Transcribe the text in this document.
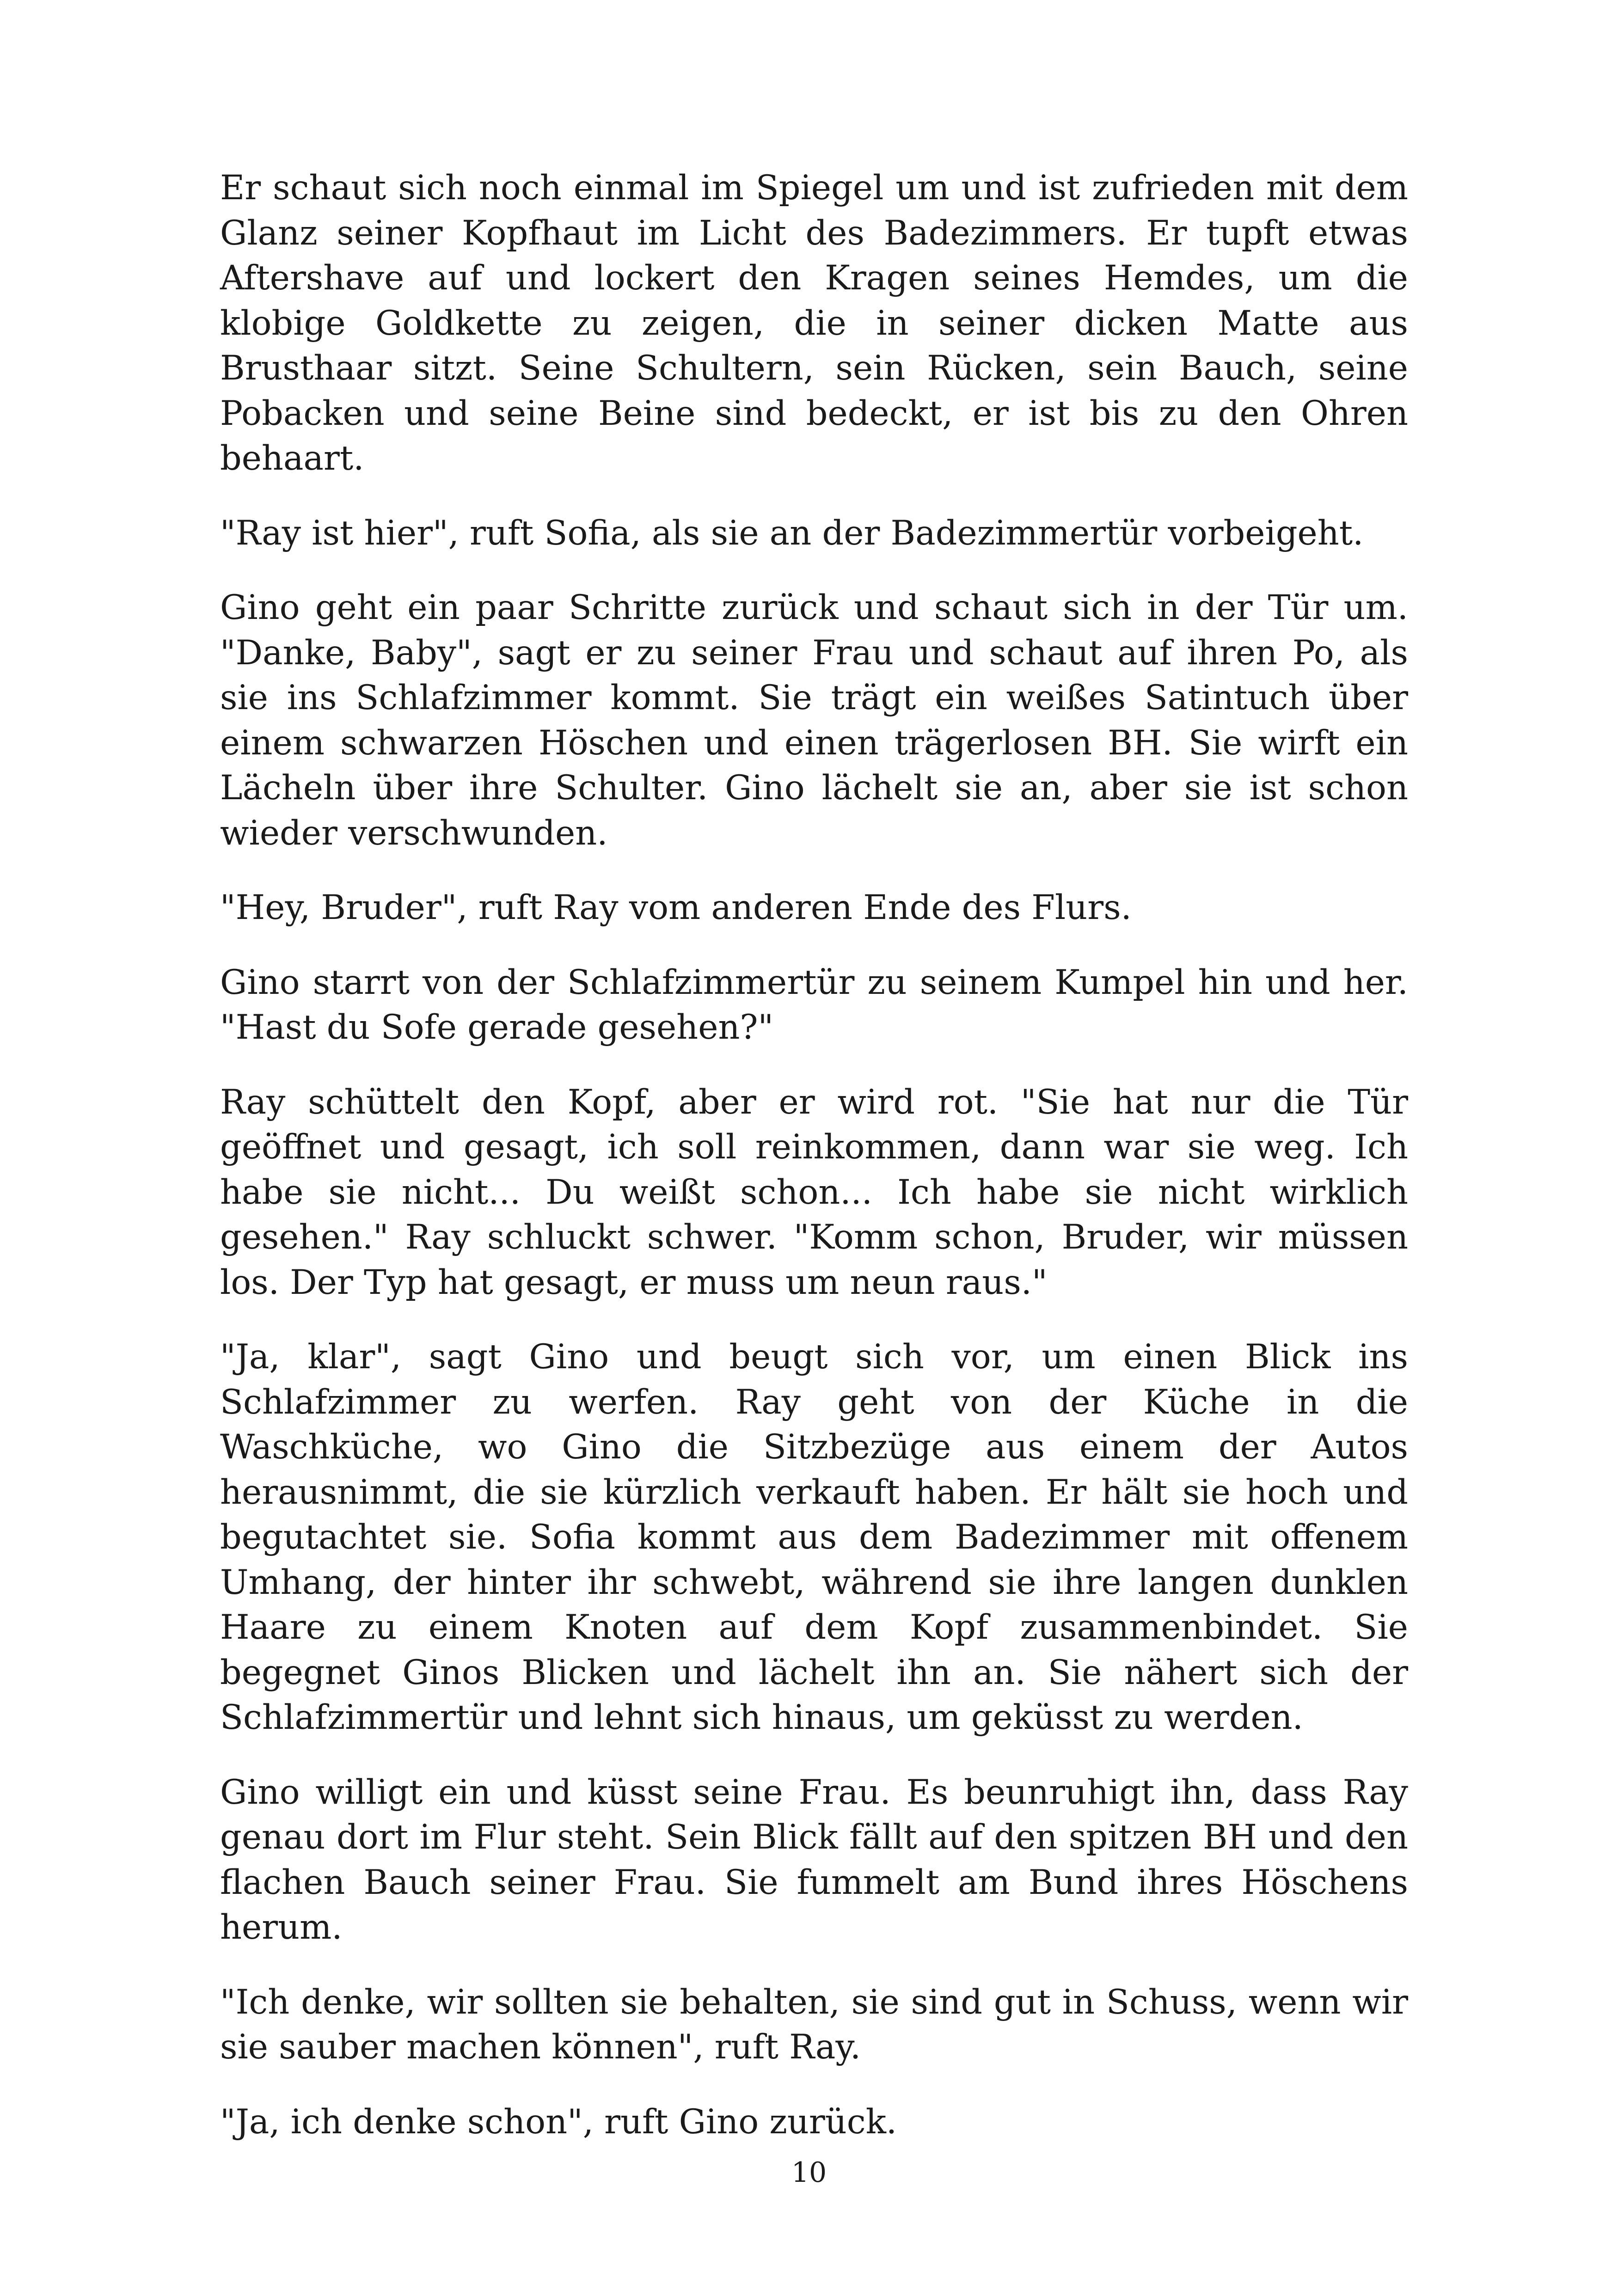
Er schaut sich noch einmal im Spiegel um und ist zufrieden mit dem Glanz seiner Kopfhaut im Licht des Badezimmers. Er tupft etwas Aftershave auf und lockert den Kragen seines Hemdes, um die klobige Goldkette zu zeigen, die in seiner dicken Matte aus Brusthaar sitzt. Seine Schultern, sein Rücken, sein Bauch, seine Pobacken und seine Beine sind bedeckt, er ist bis zu den Ohren behaart.

"Ray ist hier", ruft Sofia, als sie an der Badezimmertür vorbeigeht.

Gino geht ein paar Schritte zurück und schaut sich in der Tür um. "Danke, Baby", sagt er zu seiner Frau und schaut auf ihren Po, als sie ins Schlafzimmer kommt. Sie trägt ein weißes Satintuch über einem schwarzen Höschen und einen trägerlosen BH. Sie wirft ein Lächeln über ihre Schulter. Gino lächelt sie an, aber sie ist schon wieder verschwunden.

"Hey, Bruder", ruft Ray vom anderen Ende des Flurs.

Gino starrt von der Schlafzimmertür zu seinem Kumpel hin und her. "Hast du Sofe gerade gesehen?"

Ray schüttelt den Kopf, aber er wird rot. "Sie hat nur die Tür geöffnet und gesagt, ich soll reinkommen, dann war sie weg. Ich habe sie nicht... Du weißt schon... Ich habe sie nicht wirklich gesehen." Ray schluckt schwer. "Komm schon, Bruder, wir müssen los. Der Typ hat gesagt, er muss um neun raus."

"Ja, klar", sagt Gino und beugt sich vor, um einen Blick ins Schlafzimmer zu werfen. Ray geht von der Küche in die Waschküche, wo Gino die Sitzbezüge aus einem der Autos herausnimmt, die sie kürzlich verkauft haben. Er hält sie hoch und begutachtet sie. Sofia kommt aus dem Badezimmer mit offenem Umhang, der hinter ihr schwebt, während sie ihre langen dunklen Haare zu einem Knoten auf dem Kopf zusammenbindet. Sie begegnet Ginos Blicken und lächelt ihn an. Sie nähert sich der Schlafzimmertür und lehnt sich hinaus, um geküsst zu werden.

Gino willigt ein und küsst seine Frau. Es beunruhigt ihn, dass Ray genau dort im Flur steht. Sein Blick fällt auf den spitzen BH und den flachen Bauch seiner Frau. Sie fummelt am Bund ihres Höschens herum.

"Ich denke, wir sollten sie behalten, sie sind gut in Schuss, wenn wir sie sauber machen können", ruft Ray.

"Ja, ich denke schon", ruft Gino zurück.

10
